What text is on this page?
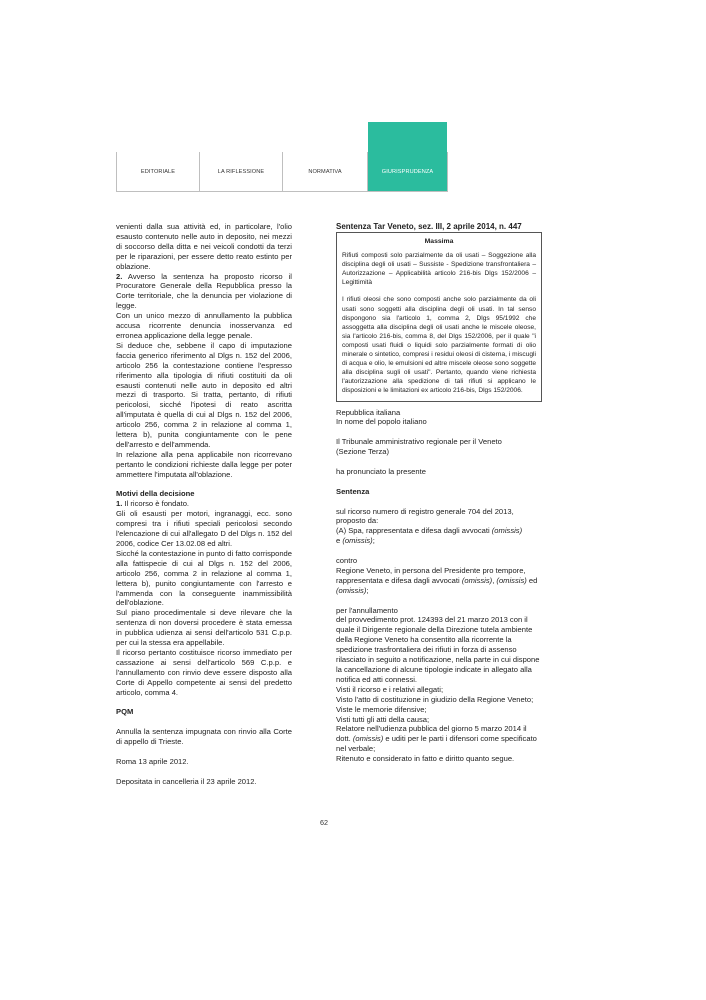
EDITORIALE	LA RIFLESSIONE	NORMATIVA	GIURISPRUDENZA

venienti dalla sua attività ed, in particolare, l'olio esausto contenuto nelle auto in deposito, nei mezzi di soccorso della ditta e nei veicoli condotti da terzi per le riparazioni, per essere detto reato estinto per oblazione.

2. Avverso la sentenza ha proposto ricorso il Procuratore Generale della Repubblica presso la Corte territoriale, che la denuncia per violazione di legge.

Con un unico mezzo di annullamento la pubblica accusa ricorrente denuncia inosservanza ed erronea applicazione della legge penale.

Si deduce che, sebbene il capo di imputazione faccia generico riferimento al Dlgs n. 152 del 2006, articolo 256 la contestazione contiene l'espresso riferimento alla tipologia di rifiuti costituiti da oli esausti contenuti nelle auto in deposito ed altri mezzi di trasporto. Si tratta, pertanto, di rifiuti pericolosi, sicché l'ipotesi di reato ascritta all'imputata è quella di cui al Dlgs n. 152 del 2006, articolo 256, comma 2 in relazione al comma 1, lettera b), punita congiuntamente con le pene dell'arresto e dell'ammenda.

In relazione alla pena applicabile non ricorrevano pertanto le condizioni richieste dalla legge per poter ammettere l'imputata all'oblazione.

Motivi della decisione

1. Il ricorso è fondato.

Gli oli esausti per motori, ingranaggi, ecc. sono compresi tra i rifiuti speciali pericolosi secondo l'elencazione di cui all'allegato D del Dlgs n. 152 del 2006, codice Cer 13.02.08 ed altri.

Sicché la contestazione in punto di fatto corrisponde alla fattispecie di cui al Dlgs n. 152 del 2006, articolo 256, comma 2 in relazione al comma 1, lettera b), punito congiuntamente con l'arresto e l'ammenda con la conseguente inammissibilità dell'oblazione.

Sul piano procedimentale si deve rilevare che la sentenza di non doversi procedere è stata emessa in pubblica udienza ai sensi dell'articolo 531 C.p.p. per cui la stessa era appellabile.

Il ricorso pertanto costituisce ricorso immediato per cassazione ai sensi dell'articolo 569 C.p.p. e l'annullamento con rinvio deve essere disposto alla Corte di Appello competente ai sensi del predetto articolo, comma 4.

PQM

Annulla la sentenza impugnata con rinvio alla Corte di appello di Trieste.

Roma 13 aprile 2012.

Depositata in cancelleria il 23 aprile 2012.

Sentenza Tar Veneto, sez. III, 2 aprile 2014, n. 447

Massima
Rifiuti composti solo parzialmente da oli usati – Soggezione alla disciplina degli oli usati – Sussiste - Spedizione transfrontaliera – Autorizzazione – Applicabilità articolo 216-bis Dlgs 152/2006 – Legittimità
I rifiuti oleosi che sono composti anche solo parzialmente da oli usati sono soggetti alla disciplina degli oli usati. In tal senso dispongono sia l'articolo 1, comma 2, Dlgs 95/1992 che assoggetta alla disciplina degli oli usati anche le miscele oleose, sia l'articolo 216-bis, comma 8, del Dlgs 152/2006, per il quale "i composti usati fluidi o liquidi solo parzialmente formati di olio minerale o sintetico, compresi i residui oleosi di cisterna, i miscugli di acqua e olio, le emulsioni ed altre miscele oleose sono soggette alla disciplina sugli oli usati". Pertanto, quando viene richiesta l'autorizzazione alla spedizione di tali rifiuti si applicano le disposizioni e le limitazioni ex articolo 216-bis, Dlgs 152/2006.

Repubblica italiana

In nome del popolo italiano

Il Tribunale amministrativo regionale per il Veneto

(Sezione Terza)

ha pronunciato la presente

Sentenza

sul ricorso numero di registro generale 704 del 2013, proposto da:

(A) Spa, rappresentata e difesa dagli avvocati (omissis)
e (omissis);

contro

Regione Veneto, in persona del Presidente pro tempore, rappresentata e difesa dagli avvocati (omissis), (omissis) ed (omissis);

per l'annullamento

del provvedimento prot. 124393 del 21 marzo 2013 con il quale il Dirigente regionale della Direzione tutela ambiente della Regione Veneto ha consentito alla ricorrente la spedizione trasfrontaliera dei rifiuti in forza di assenso rilasciato in seguito a notificazione, nella parte in cui dispone la cancellazione di alcune tipologie indicate in allegato alla notifica ed atti connessi.

Visti il ricorso e i relativi allegati;

Visto l'atto di costituzione in giudizio della Regione Veneto;

Viste le memorie difensive;

Visti tutti gli atti della causa;

Relatore nell'udienza pubblica del giorno 5 marzo 2014 il dott. (omissis) e uditi per le parti i difensori come specificato nel verbale;

Ritenuto e considerato in fatto e diritto quanto segue.

62
